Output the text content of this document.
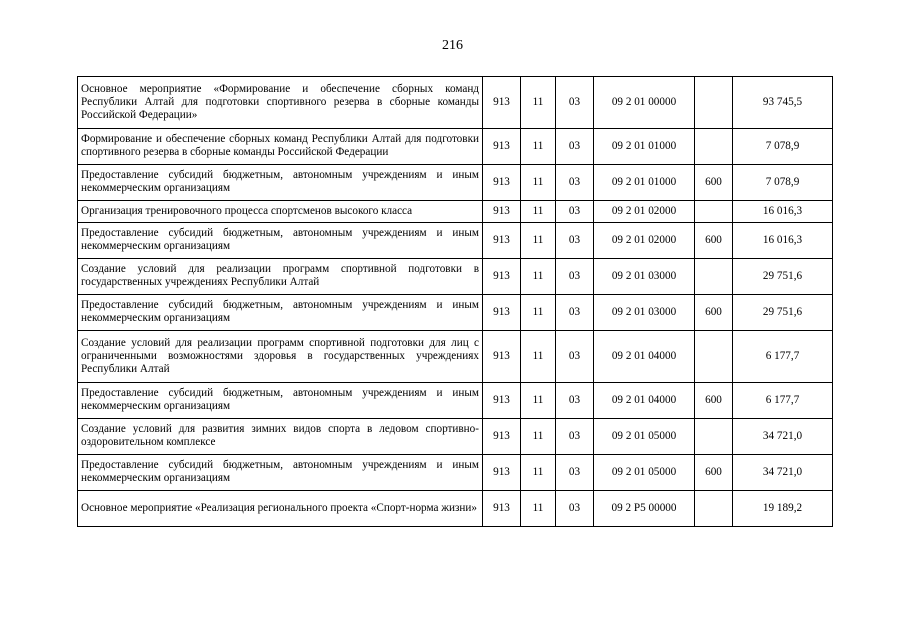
216
Основное мероприятие «Формирование и обеспечение сборных команд Республики Алтай для подготовки спортивного резерва в сборные команды Российской Федерации»	913	11	03	09 2 01 00000		93 745,5
Формирование и обеспечение сборных команд Республики Алтай для подготовки спортивного резерва в сборные команды Российской Федерации	913	11	03	09 2 01 01000		7 078,9
Предоставление субсидий бюджетным, автономным учреждениям и иным некоммерческим организациям	913	11	03	09 2 01 01000	600	7 078,9
Организация тренировочного процесса спортсменов высокого класса	913	11	03	09 2 01 02000		16 016,3
Предоставление субсидий бюджетным, автономным учреждениям и иным некоммерческим организациям	913	11	03	09 2 01 02000	600	16 016,3
Создание условий для реализации программ спортивной подготовки в государственных учреждениях Республики Алтай	913	11	03	09 2 01 03000		29 751,6
Предоставление субсидий бюджетным, автономным учреждениям и иным некоммерческим организациям	913	11	03	09 2 01 03000	600	29 751,6
Создание условий для реализации программ спортивной подготовки для лиц с ограниченными возможностями здоровья в государственных учреждениях Республики Алтай	913	11	03	09 2 01 04000		6 177,7
Предоставление субсидий бюджетным, автономным учреждениям и иным некоммерческим организациям	913	11	03	09 2 01 04000	600	6 177,7
Создание условий для развития зимних видов спорта в ледовом спортивно-оздоровительном комплексе	913	11	03	09 2 01 05000		34 721,0
Предоставление субсидий бюджетным, автономным учреждениям и иным некоммерческим организациям	913	11	03	09 2 01 05000	600	34 721,0
Основное мероприятие «Реализация регионального проекта «Спорт-норма жизни»	913	11	03	09 2 P5 00000		19 189,2
